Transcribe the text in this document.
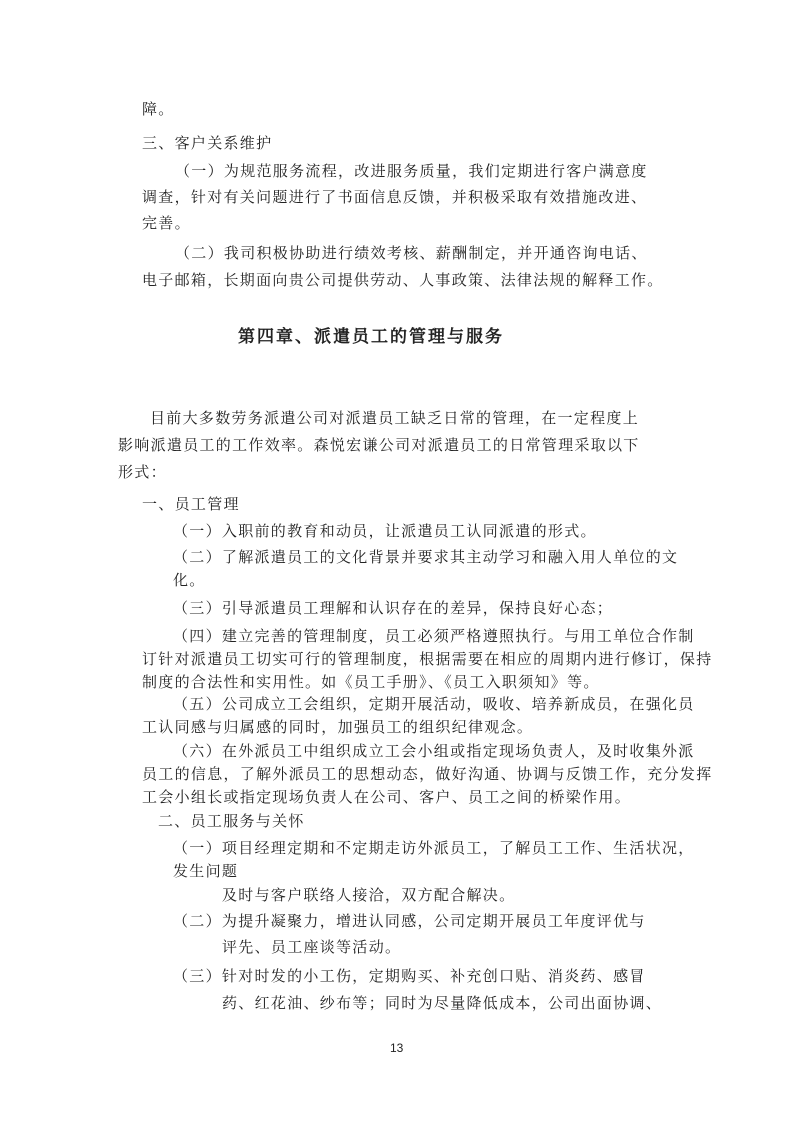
障。
三、客户关系维护
（一）为规范服务流程，改进服务质量，我们定期进行客户满意度
调查，针对有关问题进行了书面信息反馈，并积极采取有效措施改进、
完善。
（二）我司积极协助进行绩效考核、薪酬制定，并开通咨询电话、
电子邮箱，长期面向贵公司提供劳动、人事政策、法律法规的解释工作。
第四章、派遣员工的管理与服务
目前大多数劳务派遣公司对派遣员工缺乏日常的管理，在一定程度上
影响派遣员工的工作效率。森悦宏谦公司对派遣员工的日常管理采取以下
形式：
一、员工管理
（一）入职前的教育和动员，让派遣员工认同派遣的形式。
（二）了解派遣员工的文化背景并要求其主动学习和融入用人单位的文
化。
（三）引导派遣员工理解和认识存在的差异，保持良好心态；
（四）建立完善的管理制度，员工必须严格遵照执行。与用工单位合作制
订针对派遣员工切实可行的管理制度，根据需要在相应的周期内进行修订，保持
制度的合法性和实用性。如《员工手册》、《员工入职须知》等。
（五）公司成立工会组织，定期开展活动，吸收、培养新成员，在强化员
工认同感与归属感的同时，加强员工的组织纪律观念。
（六）在外派员工中组织成立工会小组或指定现场负责人，及时收集外派
员工的信息，了解外派员工的思想动态，做好沟通、协调与反馈工作，充分发挥
工会小组长或指定现场负责人在公司、客户、员工之间的桥梁作用。
二、员工服务与关怀
（一）项目经理定期和不定期走访外派员工，了解员工工作、生活状况，
发生问题
及时与客户联络人接洽，双方配合解决。
（二）为提升凝聚力，增进认同感，公司定期开展员工年度评优与
评先、员工座谈等活动。
（三）针对时发的小工伤，定期购买、补充创口贴、消炎药、感冒
药、红花油、纱布等；同时为尽量降低成本，公司出面协调、
13
